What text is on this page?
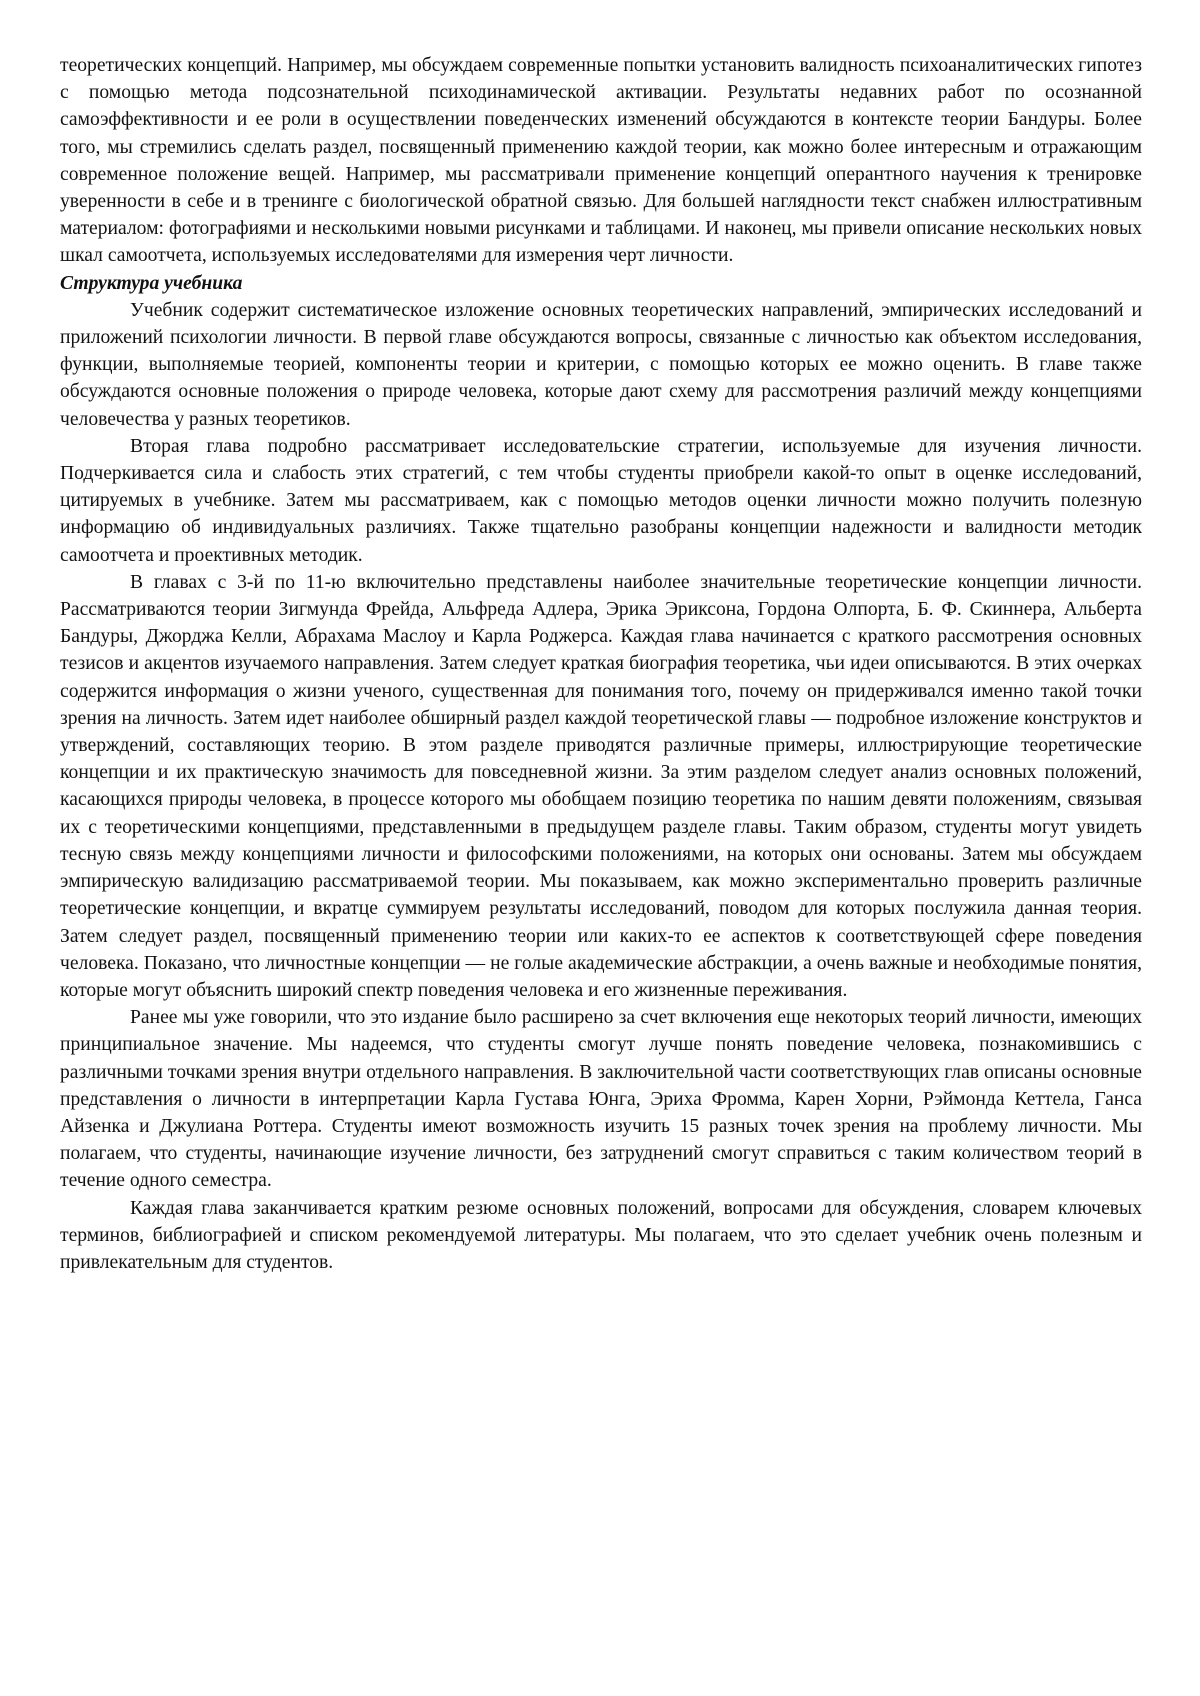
теоретических концепций. Например, мы обсуждаем современные попытки установить валидность психоаналитических гипотез с помощью метода подсознательной психодинамической активации. Результаты недавних работ по осознанной самоэффективности и ее роли в осуществлении поведенческих изменений обсуждаются в контексте теории Бандуры. Более того, мы стремились сделать раздел, посвященный применению каждой теории, как можно более интересным и отражающим современное положение вещей. Например, мы рассматривали применение концепций оперантного научения к тренировке уверенности в себе и в тренинге с биологической обратной связью. Для большей наглядности текст снабжен иллюстративным материалом: фотографиями и несколькими новыми рисунками и таблицами. И наконец, мы привели описание нескольких новых шкал самоотчета, используемых исследователями для измерения черт личности.

Структура учебника

Учебник содержит систематическое изложение основных теоретических направлений, эмпирических исследований и приложений психологии личности. В первой главе обсуждаются вопросы, связанные с личностью как объектом исследования, функции, выполняемые теорией, компоненты теории и критерии, с помощью которых ее можно оценить. В главе также обсуждаются основные положения о природе человека, которые дают схему для рассмотрения различий между концепциями человечества у разных теоретиков.

Вторая глава подробно рассматривает исследовательские стратегии, используемые для изучения личности. Подчеркивается сила и слабость этих стратегий, с тем чтобы студенты приобрели какой-то опыт в оценке исследований, цитируемых в учебнике. Затем мы рассматриваем, как с помощью методов оценки личности можно получить полезную информацию об индивидуальных различиях. Также тщательно разобраны концепции надежности и валидности методик самоотчета и проективных методик.

В главах с 3-й по 11-ю включительно представлены наиболее значительные теоретические концепции личности. Рассматриваются теории Зигмунда Фрейда, Альфреда Адлера, Эрика Эриксона, Гордона Олпорта, Б. Ф. Скиннера, Альберта Бандуры, Джорджа Келли, Абрахама Маслоу и Карла Роджерса. Каждая глава начинается с краткого рассмотрения основных тезисов и акцентов изучаемого направления. Затем следует краткая биография теоретика, чьи идеи описываются. В этих очерках содержится информация о жизни ученого, существенная для понимания того, почему он придерживался именно такой точки зрения на личность. Затем идет наиболее обширный раздел каждой теоретической главы — подробное изложение конструктов и утверждений, составляющих теорию. В этом разделе приводятся различные примеры, иллюстрирующие теоретические концепции и их практическую значимость для повседневной жизни. За этим разделом следует анализ основных положений, касающихся природы человека, в процессе которого мы обобщаем позицию теоретика по нашим девяти положениям, связывая их с теоретическими концепциями, представленными в предыдущем разделе главы. Таким образом, студенты могут увидеть тесную связь между концепциями личности и философскими положениями, на которых они основаны. Затем мы обсуждаем эмпирическую валидизацию рассматриваемой теории. Мы показываем, как можно экспериментально проверить различные теоретические концепции, и вкратце суммируем результаты исследований, поводом для которых послужила данная теория. Затем следует раздел, посвященный применению теории или каких-то ее аспектов к соответствующей сфере поведения человека. Показано, что личностные концепции — не голые академические абстракции, а очень важные и необходимые понятия, которые могут объяснить широкий спектр поведения человека и его жизненные переживания.

Ранее мы уже говорили, что это издание было расширено за счет включения еще некоторых теорий личности, имеющих принципиальное значение. Мы надеемся, что студенты смогут лучше понять поведение человека, познакомившись с различными точками зрения внутри отдельного направления. В заключительной части соответствующих глав описаны основные представления о личности в интерпретации Карла Густава Юнга, Эриха Фромма, Карен Хорни, Рэймонда Кеттела, Ганса Айзенка и Джулиана Роттера. Студенты имеют возможность изучить 15 разных точек зрения на проблему личности. Мы полагаем, что студенты, начинающие изучение личности, без затруднений смогут справиться с таким количеством теорий в течение одного семестра.

Каждая глава заканчивается кратким резюме основных положений, вопросами для обсуждения, словарем ключевых терминов, библиографией и списком рекомендуемой литературы. Мы полагаем, что это сделает учебник очень полезным и привлекательным для студентов.
